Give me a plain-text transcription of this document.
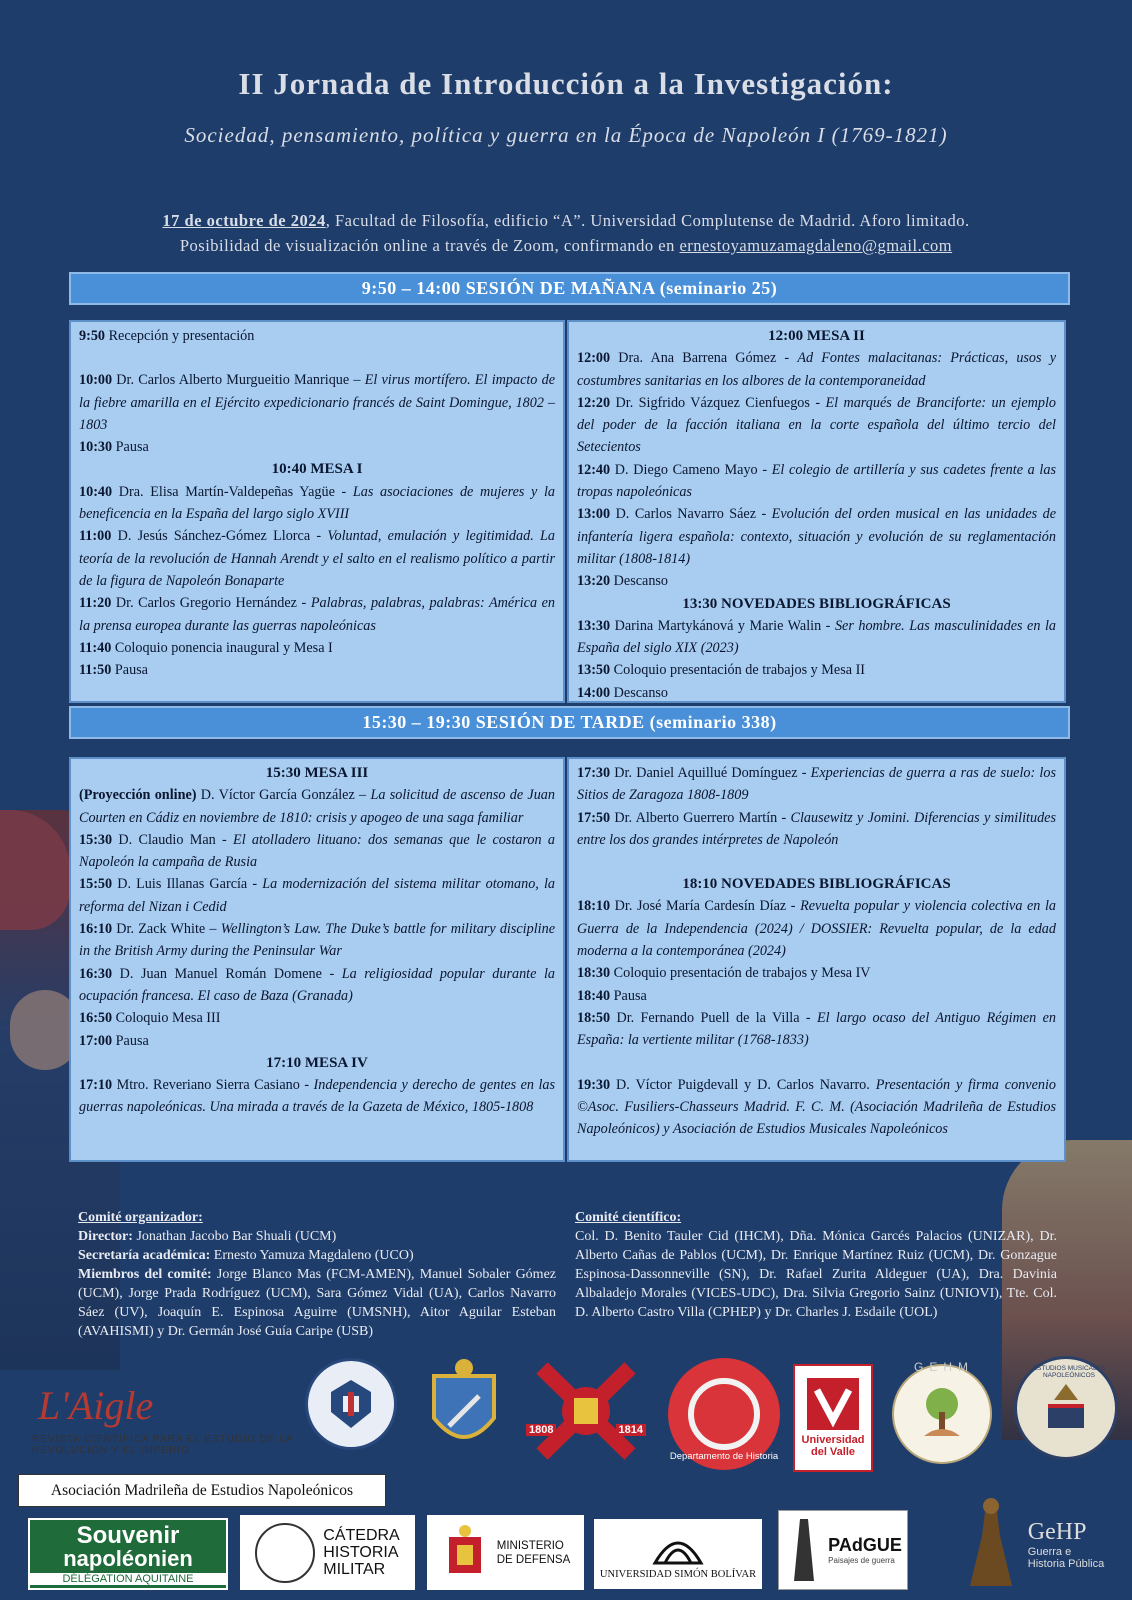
II Jornada de Introducción a la Investigación:
Sociedad, pensamiento, política y guerra en la Época de Napoleón I (1769-1821)
17 de octubre de 2024, Facultad de Filosofía, edificio “A”. Universidad Complutense de Madrid. Aforo limitado.
Posibilidad de visualización online a través de Zoom, confirmando en ernestoyamuzamagdaleno@gmail.com
9:50 – 14:00 SESIÓN DE MAÑANA (seminario 25)

9:50 Recepción y presentación

10:00 Dr. Carlos Alberto Murgueitio Manrique – El virus mortífero. El impacto de la fiebre amarilla en el Ejército expedicionario francés de Saint Domingue, 1802 – 1803

10:30 Pausa

10:40 MESA I

10:40 Dra. Elisa Martín-Valdepeñas Yagüe - Las asociaciones de mujeres y la beneficencia en la España del largo siglo XVIII

11:00 D. Jesús Sánchez-Gómez Llorca - Voluntad, emulación y legitimidad. La teoría de la revolución de Hannah Arendt y el salto en el realismo político a partir de la figura de Napoleón Bonaparte

11:20 Dr. Carlos Gregorio Hernández - Palabras, palabras, palabras: América en la prensa europea durante las guerras napoleónicas

11:40 Coloquio ponencia inaugural y Mesa I

11:50 Pausa

12:00 MESA II

12:00 Dra. Ana Barrena Gómez - Ad Fontes malacitanas: Prácticas, usos y costumbres sanitarias en los albores de la contemporaneidad

12:20 Dr. Sigfrido Vázquez Cienfuegos - El marqués de Branciforte: un ejemplo del poder de la facción italiana en la corte española del último tercio del Setecientos

12:40 D. Diego Cameno Mayo - El colegio de artillería y sus cadetes frente a las tropas napoleónicas

13:00 D. Carlos Navarro Sáez - Evolución del orden musical en las unidades de infantería ligera española: contexto, situación y evolución de su reglamentación militar (1808-1814)

13:20 Descanso

13:30 NOVEDADES BIBLIOGRÁFICAS

13:30 Darina Martykánová y Marie Walin - Ser hombre. Las masculinidades en la España del siglo XIX (2023)

13:50 Coloquio presentación de trabajos y Mesa II

14:00 Descanso

15:30 – 19:30 SESIÓN DE TARDE (seminario 338)

15:30 MESA III

(Proyección online) D. Víctor García González – La solicitud de ascenso de Juan Courten en Cádiz en noviembre de 1810: crisis y apogeo de una saga familiar

15:30 D. Claudio Man - El atolladero lituano: dos semanas que le costaron a Napoleón la campaña de Rusia

15:50 D. Luis Illanas García - La modernización del sistema militar otomano, la reforma del Nizan i Cedid

16:10 Dr. Zack White – Wellington’s Law. The Duke’s battle for military discipline in the British Army during the Peninsular War

16:30 D. Juan Manuel Román Domene - La religiosidad popular durante la ocupación francesa. El caso de Baza (Granada)

16:50 Coloquio Mesa III

17:00 Pausa

17:10 MESA IV

17:10 Mtro. Reveriano Sierra Casiano - Independencia y derecho de gentes en las guerras napoleónicas. Una mirada a través de la Gazeta de México, 1805-1808

17:30 Dr. Daniel Aquillué Domínguez - Experiencias de guerra a ras de suelo: los Sitios de Zaragoza 1808-1809

17:50 Dr. Alberto Guerrero Martín - Clausewitz y Jomini. Diferencias y similitudes entre los dos grandes intérpretes de Napoleón

18:10 NOVEDADES BIBLIOGRÁFICAS

18:10 Dr. José María Cardesín Díaz - Revuelta popular y violencia colectiva en la Guerra de la Independencia (2024) / DOSSIER: Revuelta popular, de la edad moderna a la contemporánea (2024)

18:30 Coloquio presentación de trabajos y Mesa IV

18:40 Pausa

18:50 Dr. Fernando Puell de la Villa - El largo ocaso del Antiguo Régimen en España: la vertiente militar (1768-1833)

19:30 D. Víctor Puigdevall y D. Carlos Navarro. Presentación y firma convenio ©Asoc. Fusiliers-Chasseurs Madrid. F. C. M. (Asociación Madrileña de Estudios Napoleónicos) y Asociación de Estudios Musicales Napoleónicos

Comité organizador:
Director: Jonathan Jacobo Bar Shuali (UCM)
Secretaría académica: Ernesto Yamuza Magdaleno (UCO)
Miembros del comité: Jorge Blanco Mas (FCM-AMEN), Manuel Sobaler Gómez (UCM), Jorge Prada Rodríguez (UCM), Sara Gómez Vidal (UA), Carlos Navarro Sáez (UV), Joaquín E. Espinosa Aguirre (UMSNH), Aitor Aguilar Esteban (AVAHISMI) y Dr. Germán José Guía Caripe (USB)
Comité científico:
Col. D. Benito Tauler Cid (IHCM), Dña. Mónica Garcés Palacios (UNIZAR), Dr. Alberto Cañas de Pablos (UCM), Dr. Enrique Martínez Ruiz (UCM), Dr. Gonzague Espinosa-Dassonneville (SN), Dr. Rafael Zurita Aldeguer (UA), Dra. Davinia Albaladejo Morales (VICES-UDC), Dra. Silvia Gregorio Sainz (UNIOVI), Tte. Col. D. Alberto Castro Villa (CPHEP) y Dr. Charles J. Esdaile (UOL)
L'Aigle
REVISTA CIENTÍFICA PARA EL ESTUDIO DE LA REVOLUCIÓN Y EL IMPERIO
1808	1814
Departamento de Historia
Universidad del Valle
GEHM	ESTUDIOS MUSICALES NAPOLEÓNICOS
Asociación Madrileña de Estudios Napoleónicos
Souvenir
napoléonien
DÉLÉGATION AQUITAINE
CÁTEDRA
HISTORIA
MILITAR
MINISTERIO
DE DEFENSA
UNIVERSIDAD SIMÓN BOLÍVAR
PAdGUE
Paisajes de guerra
GeHP
Guerra e
Historia Pública
